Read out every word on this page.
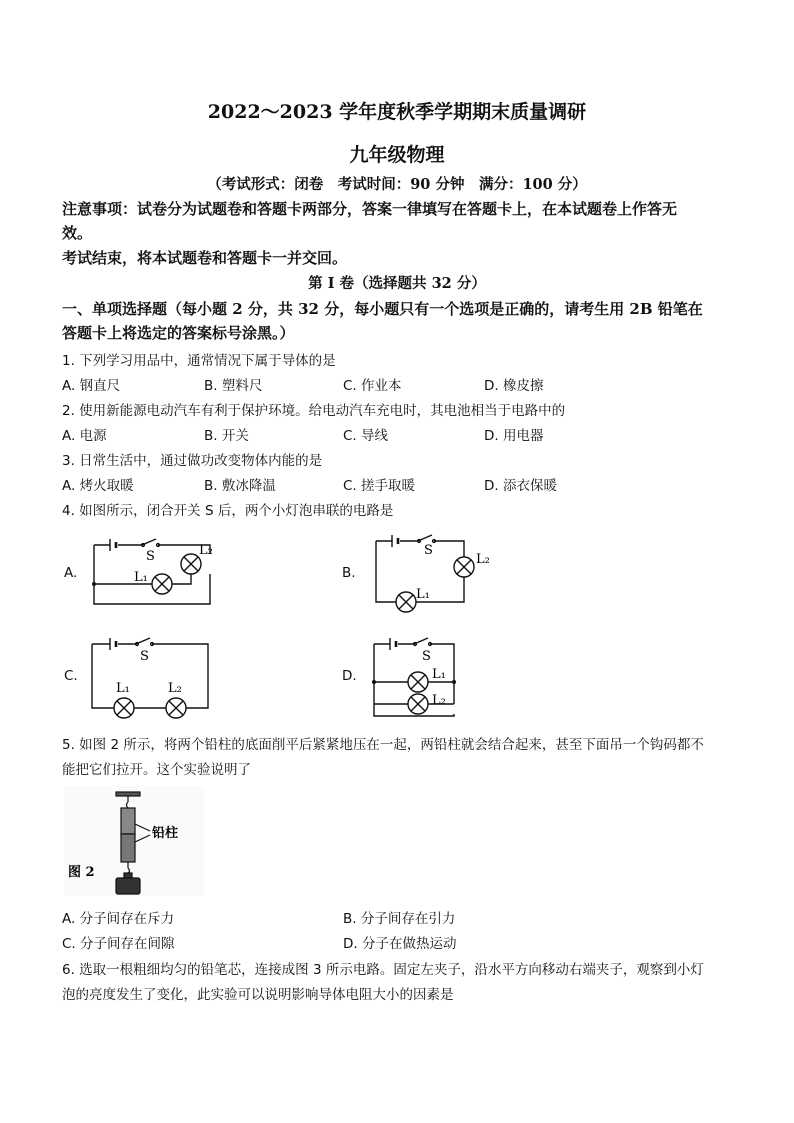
2022～2023 学年度秋季学期期末质量调研
九年级物理
（考试形式：闭卷　考试时间：90 分钟　满分：100 分）
注意事项：试卷分为试题卷和答题卡两部分，答案一律填写在答题卡上，在本试题卷上作答无
效。
考试结束，将本试题卷和答题卡一并交回。
第 I 卷（选择题共 32 分）
一、单项选择题（每小题 2 分，共 32 分，每小题只有一个选项是正确的，请考生用 2B 铅笔在
答题卡上将选定的答案标号涂黑。）
1. 下列学习用品中，通常情况下属于导体的是
A. 钢直尺	B. 塑料尺	C. 作业本	D. 橡皮擦
2. 使用新能源电动汽车有利于保护环境。给电动汽车充电时，其电池相当于电路中的
A. 电源	B. 开关	C. 导线	D. 用电器
3. 日常生活中，通过做功改变物体内能的是
A. 烤火取暖	B. 敷冰降温	C. 搓手取暖	D. 添衣保暖
4. 如图所示，闭合开关 S 后，两个小灯泡串联的电路是
A.	B.
C.	D.
S	L₂
L₁
S
L₂
L₁
S
L₁	L₂
S
L₁
L₂
5. 如图 2 所示，将两个铅柱的底面削平后紧紧地压在一起，两铅柱就会结合起来，甚至下面吊一个钩码都不
能把它们拉开。这个实验说明了
铅柱
图 2
A. 分子间存在斥力	B. 分子间存在引力
C. 分子间存在间隙	D. 分子在做热运动
6. 选取一根粗细均匀的铅笔芯，连接成图 3 所示电路。固定左夹子，沿水平方向移动右端夹子，观察到小灯
泡的亮度发生了变化，此实验可以说明影响导体电阻大小的因素是
